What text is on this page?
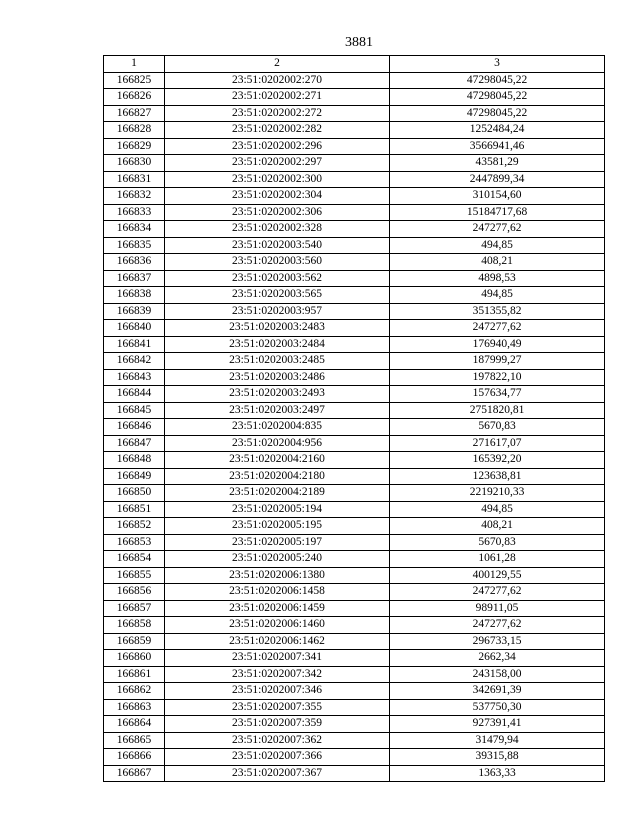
3881
1	2	3
166825	23:51:0202002:270	47298045,22
166826	23:51:0202002:271	47298045,22
166827	23:51:0202002:272	47298045,22
166828	23:51:0202002:282	1252484,24
166829	23:51:0202002:296	3566941,46
166830	23:51:0202002:297	43581,29
166831	23:51:0202002:300	2447899,34
166832	23:51:0202002:304	310154,60
166833	23:51:0202002:306	15184717,68
166834	23:51:0202002:328	247277,62
166835	23:51:0202003:540	494,85
166836	23:51:0202003:560	408,21
166837	23:51:0202003:562	4898,53
166838	23:51:0202003:565	494,85
166839	23:51:0202003:957	351355,82
166840	23:51:0202003:2483	247277,62
166841	23:51:0202003:2484	176940,49
166842	23:51:0202003:2485	187999,27
166843	23:51:0202003:2486	197822,10
166844	23:51:0202003:2493	157634,77
166845	23:51:0202003:2497	2751820,81
166846	23:51:0202004:835	5670,83
166847	23:51:0202004:956	271617,07
166848	23:51:0202004:2160	165392,20
166849	23:51:0202004:2180	123638,81
166850	23:51:0202004:2189	2219210,33
166851	23:51:0202005:194	494,85
166852	23:51:0202005:195	408,21
166853	23:51:0202005:197	5670,83
166854	23:51:0202005:240	1061,28
166855	23:51:0202006:1380	400129,55
166856	23:51:0202006:1458	247277,62
166857	23:51:0202006:1459	98911,05
166858	23:51:0202006:1460	247277,62
166859	23:51:0202006:1462	296733,15
166860	23:51:0202007:341	2662,34
166861	23:51:0202007:342	243158,00
166862	23:51:0202007:346	342691,39
166863	23:51:0202007:355	537750,30
166864	23:51:0202007:359	927391,41
166865	23:51:0202007:362	31479,94
166866	23:51:0202007:366	39315,88
166867	23:51:0202007:367	1363,33
